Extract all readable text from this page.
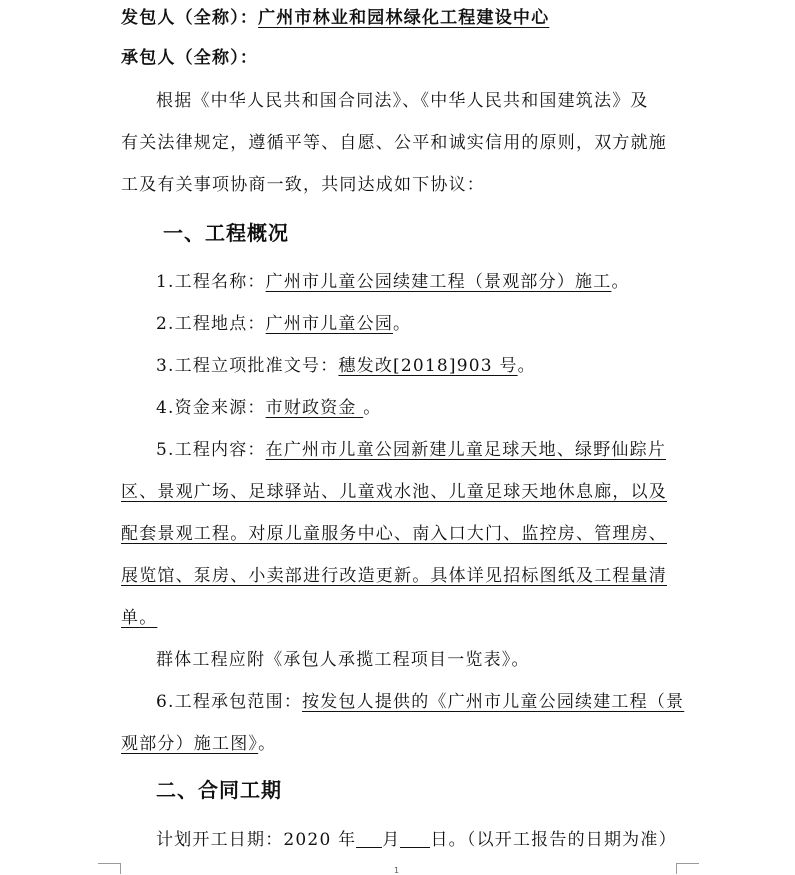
发包人（全称）：广州市林业和园林绿化工程建设中心
承包人（全称）：
根据《中华人民共和国合同法》、《中华人民共和国建筑法》及
有关法律规定，遵循平等、自愿、公平和诚实信用的原则，双方就施
工及有关事项协商一致，共同达成如下协议：
一、工程概况
1.工程名称：广州市儿童公园续建工程（景观部分）施工。
2.工程地点：广州市儿童公园。
3.工程立项批准文号：穗发改[2018]903 号。
4.资金来源：市财政资金 。
5.工程内容：在广州市儿童公园新建儿童足球天地、绿野仙踪片
区、景观广场、足球驿站、儿童戏水池、儿童足球天地休息廊，以及
配套景观工程。对原儿童服务中心、南入口大门、监控房、管理房、
展览馆、泵房、小卖部进行改造更新。具体详见招标图纸及工程量清
单。
群体工程应附《承包人承揽工程项目一览表》。
6.工程承包范围：按发包人提供的《广州市儿童公园续建工程（景
观部分）施工图》。
二、合同工期
计划开工日期：2020 年 月 日。（以开工报告的日期为准）
1
